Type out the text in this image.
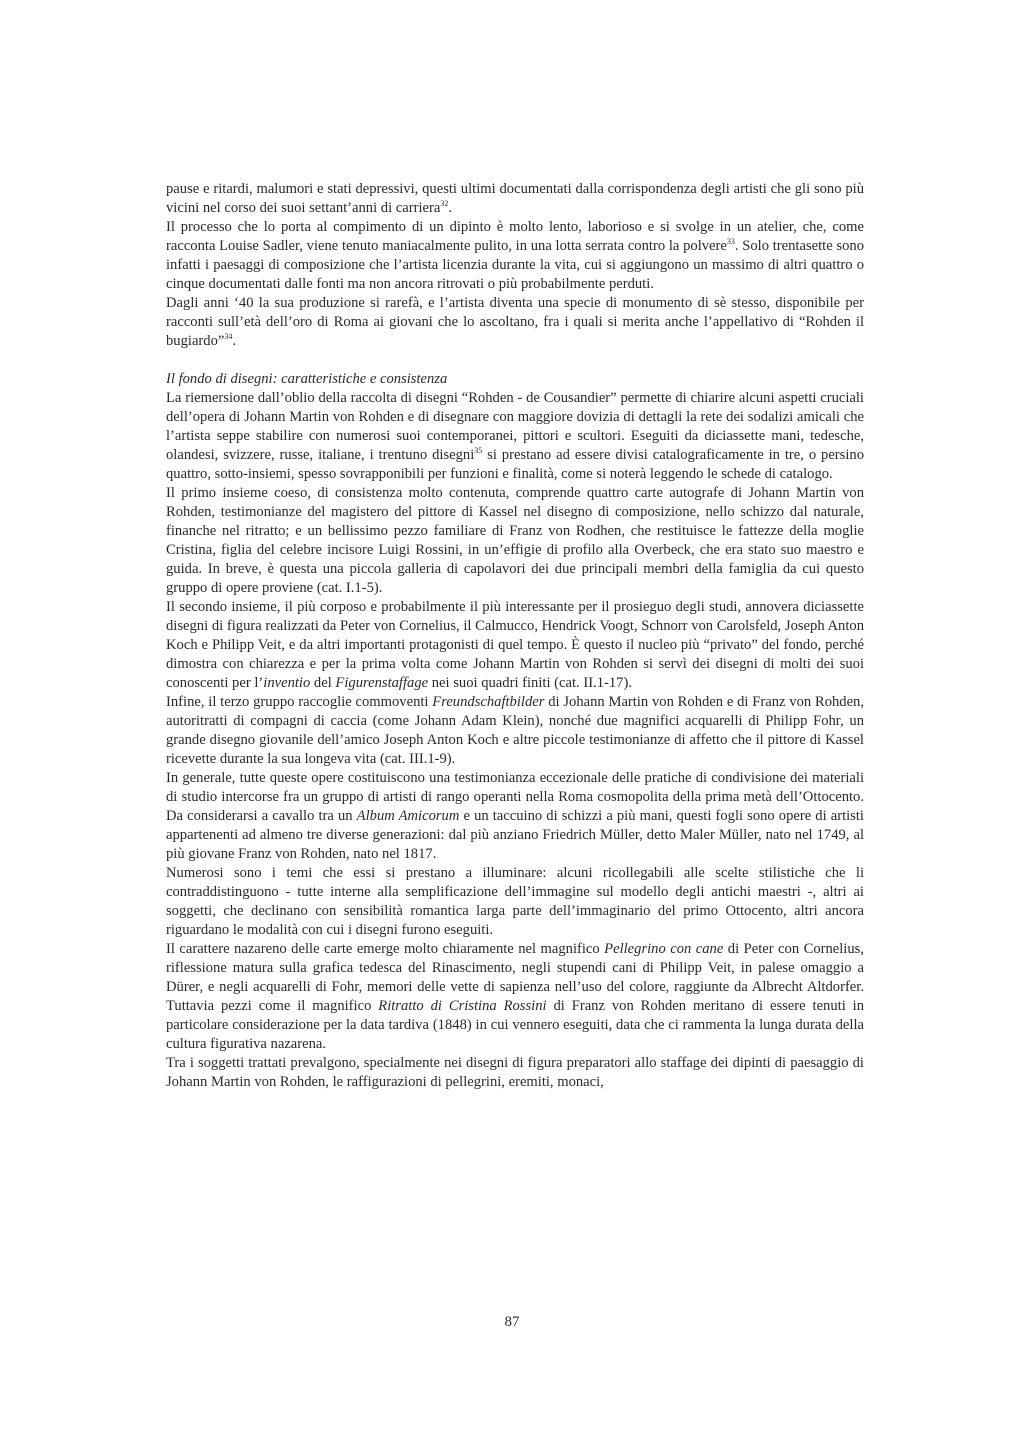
pause e ritardi, malumori e stati depressivi, questi ultimi documentati dalla corrispondenza degli artisti che gli sono più vicini nel corso dei suoi settant’anni di carriera$^{32}$.

Il processo che lo porta al compimento di un dipinto è molto lento, laborioso e si svolge in un atelier, che, come racconta Louise Sadler, viene tenuto maniacalmente pulito, in una lotta serrata contro la polvere$^{33}$. Solo trentasette sono infatti i paesaggi di composizione che l’artista licenzia durante la vita, cui si aggiungono un massimo di altri quattro o cinque documentati dalle fonti ma non ancora ritrovati o più probabilmente perduti.

Dagli anni ‘40 la sua produzione si rarefà, e l’artista diventa una specie di monumento di sè stesso, disponibile per racconti sull’età dell’oro di Roma ai giovani che lo ascoltano, fra i quali si merita anche l’appellativo di “Rohden il bugiardo”$^{34}$.

Il fondo di disegni: caratteristiche e consistenza

La riemersione dall’oblio della raccolta di disegni “Rohden - de Cousandier” permette di chiarire alcuni aspetti cruciali dell’opera di Johann Martin von Rohden e di disegnare con maggiore dovizia di dettagli la rete dei sodalizi amicali che l’artista seppe stabilire con numerosi suoi contemporanei, pittori e scultori. Eseguiti da diciassette mani, tedesche, olandesi, svizzere, russe, italiane, i trentuno disegni$^{35}$ si prestano ad essere divisi catalograficamente in tre, o persino quattro, sotto-insiemi, spesso sovrapponibili per funzioni e finalità, come si noterà leggendo le schede di catalogo.

Il primo insieme coeso, di consistenza molto contenuta, comprende quattro carte autografe di Johann Martin von Rohden, testimonianze del magistero del pittore di Kassel nel disegno di composizione, nello schizzo dal naturale, finanche nel ritratto; e un bellissimo pezzo familiare di Franz von Rodhen, che restituisce le fattezze della moglie Cristina, figlia del celebre incisore Luigi Rossini, in un’effigie di profilo alla Overbeck, che era stato suo maestro e guida. In breve, è questa una piccola galleria di capolavori dei due principali membri della famiglia da cui questo gruppo di opere proviene (cat. I.1-5).

Il secondo insieme, il più corposo e probabilmente il più interessante per il prosieguo degli studi, annovera diciassette disegni di figura realizzati da Peter von Cornelius, il Calmucco, Hendrick Voogt, Schnorr von Carolsfeld, Joseph Anton Koch e Philipp Veit, e da altri importanti protagonisti di quel tempo. È questo il nucleo più “privato” del fondo, perché dimostra con chiarezza e per la prima volta come Johann Martin von Rohden si servì dei disegni di molti dei suoi conoscenti per l’inventio del Figurenstaffage nei suoi quadri finiti (cat. II.1-17).

Infine, il terzo gruppo raccoglie commoventi Freundschaftbilder di Johann Martin von Rohden e di Franz von Rohden, autoritratti di compagni di caccia (come Johann Adam Klein), nonché due magnifici acquarelli di Philipp Fohr, un grande disegno giovanile dell’amico Joseph Anton Koch e altre piccole testimonianze di affetto che il pittore di Kassel ricevette durante la sua longeva vita (cat. III.1-9).

In generale, tutte queste opere costituiscono una testimonianza eccezionale delle pratiche di condivisione dei materiali di studio intercorse fra un gruppo di artisti di rango operanti nella Roma cosmopolita della prima metà dell’Ottocento. Da considerarsi a cavallo tra un Album Amicorum e un taccuino di schizzi a più mani, questi fogli sono opere di artisti appartenenti ad almeno tre diverse generazioni: dal più anziano Friedrich Müller, detto Maler Müller, nato nel 1749, al più giovane Franz von Rohden, nato nel 1817.

Numerosi sono i temi che essi si prestano a illuminare: alcuni ricollegabili alle scelte stilistiche che li contraddistinguono - tutte interne alla semplificazione dell’immagine sul modello degli antichi maestri -, altri ai soggetti, che declinano con sensibilità romantica larga parte dell’immaginario del primo Ottocento, altri ancora riguardano le modalità con cui i disegni furono eseguiti.

Il carattere nazareno delle carte emerge molto chiaramente nel magnifico Pellegrino con cane di Peter con Cornelius, riflessione matura sulla grafica tedesca del Rinascimento, negli stupendi cani di Philipp Veit, in palese omaggio a Dürer, e negli acquarelli di Fohr, memori delle vette di sapienza nell’uso del colore, raggiunte da Albrecht Altdorfer. Tuttavia pezzi come il magnifico Ritratto di Cristina Rossini di Franz von Rohden meritano di essere tenuti in particolare considerazione per la data tardiva (1848) in cui vennero eseguiti, data che ci rammenta la lunga durata della cultura figurativa nazarena.

Tra i soggetti trattati prevalgono, specialmente nei disegni di figura preparatori allo staffage dei dipinti di paesaggio di Johann Martin von Rohden, le raffigurazioni di pellegrini, eremiti, monaci,

87
